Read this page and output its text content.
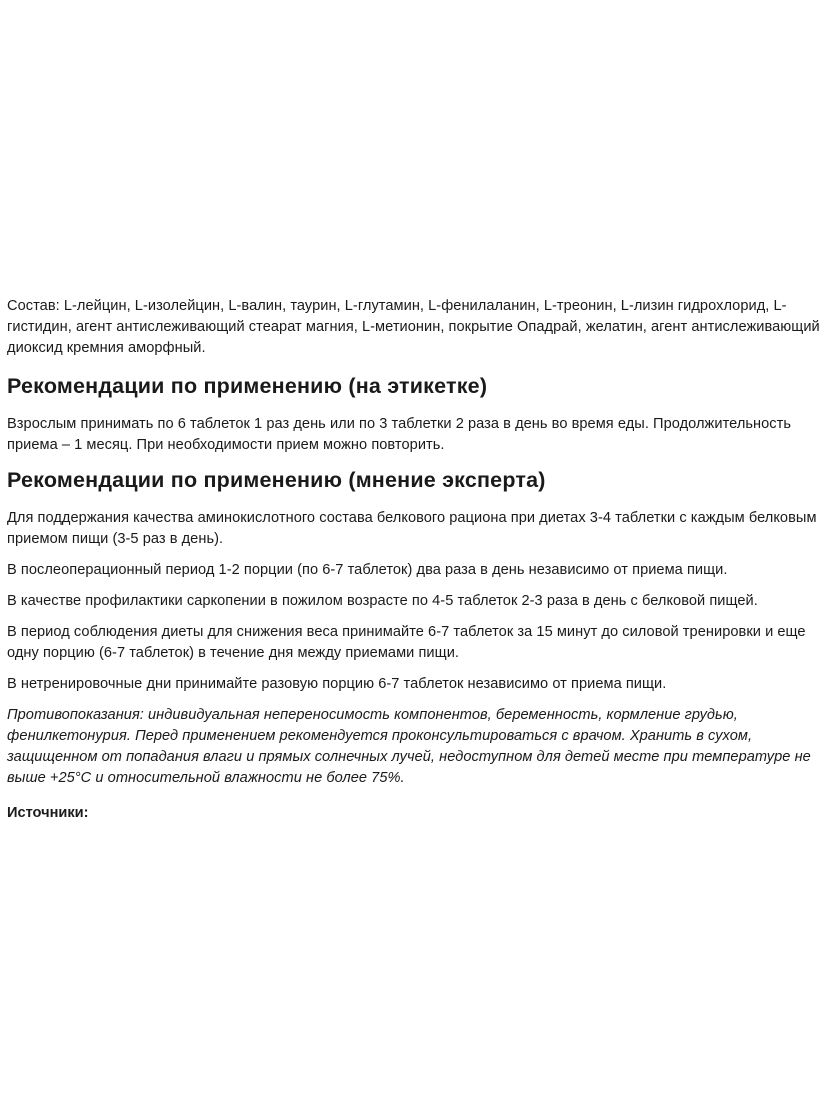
Состав: L-лейцин, L-изолейцин, L-валин, таурин, L-глутамин, L-фенилаланин, L-треонин, L-лизин гидрохлорид, L-гистидин, агент антислеживающий стеарат магния, L-метионин, покрытие Опадрай, желатин, агент антислеживающий диоксид кремния аморфный.

Рекомендации по применению (на этикетке)

Взрослым принимать по 6 таблеток 1 раз день или по 3 таблетки 2 раза в день во время еды. Продолжительность приема – 1 месяц. При необходимости прием можно повторить.

Рекомендации по применению (мнение эксперта)

Для поддержания качества аминокислотного состава белкового рациона при диетах 3-4 таблетки с каждым белковым приемом пищи (3-5 раз в день).

В послеоперационный период 1-2 порции (по 6-7 таблеток) два раза в день независимо от приема пищи.

В качестве профилактики саркопении в пожилом возрасте по 4-5 таблеток 2-3 раза в день с белковой пищей.

В период соблюдения диеты для снижения веса принимайте 6-7 таблеток за 15 минут до силовой тренировки и еще одну порцию (6-7 таблеток) в течение дня между приемами пищи.

В нетренировочные дни принимайте разовую порцию 6-7 таблеток независимо от приема пищи.

Противопоказания: индивидуальная непереносимость компонентов, беременность, кормление грудью, фенилкетонурия. Перед применением рекомендуется проконсультироваться с врачом. Хранить в сухом, защищенном от попадания влаги и прямых солнечных лучей, недоступном для детей месте при температуре не выше +25°C и относительной влажности не более 75%.

Источники:
